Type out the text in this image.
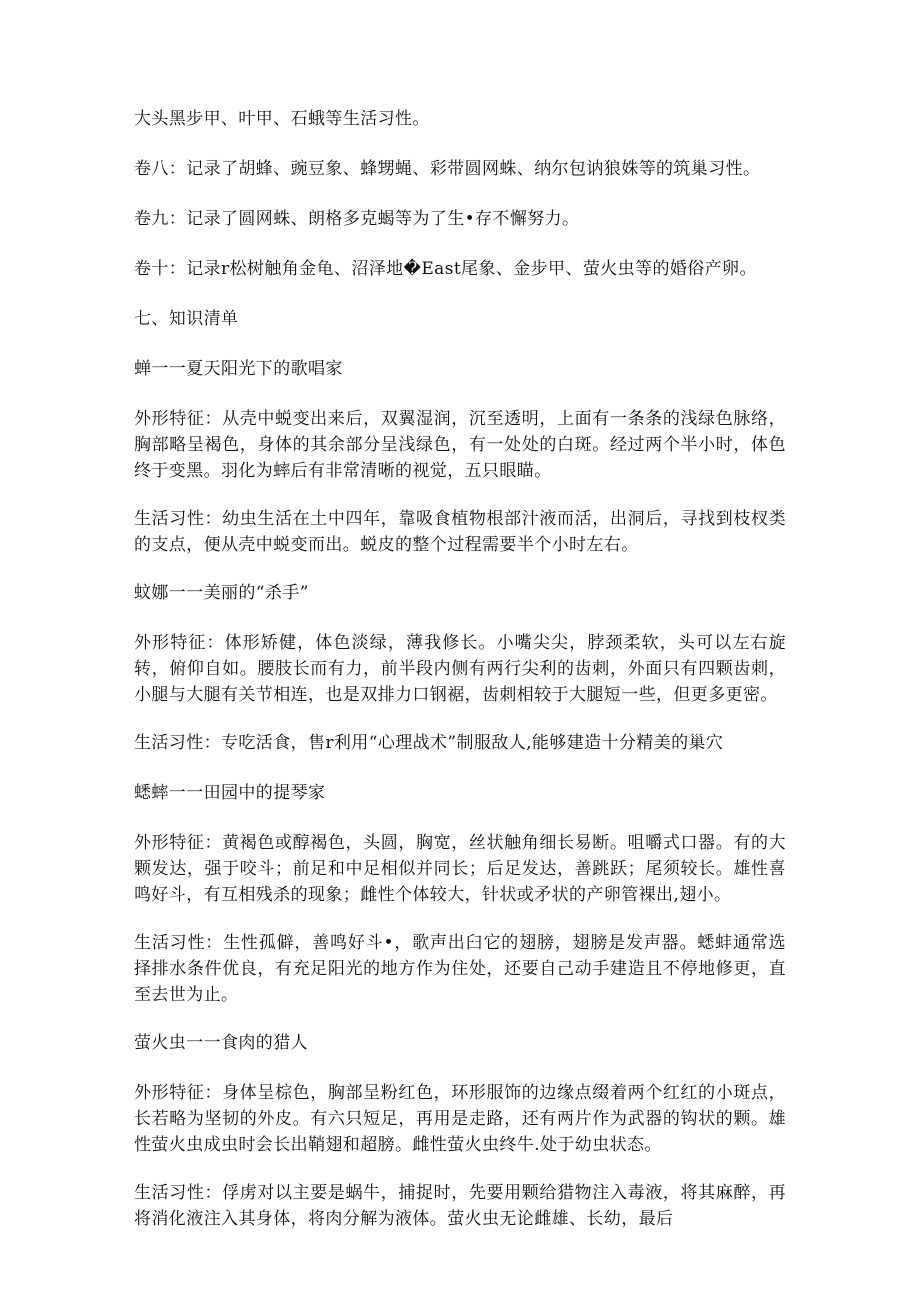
大头黑步甲、叶甲、石蛾等生活习性。

卷八：记录了胡蜂、豌豆象、蜂甥蝇、彩带圆网蛛、纳尔包讷狼姝等的筑巢习性。

卷九：记录了圆网蛛、朗格多克蝎等为了生•存不懈努力。

卷十：记录r松树触角金龟、沼泽地�East尾象、金步甲、萤火虫等的婚俗产卵。

七、知识清单

蝉一一夏天阳光下的歌唱家

外形特征：从壳中蜕变出来后，双翼湿润，沉至透明，上面有一条条的浅绿色脉络，胸部略呈褐色，身体的其余部分呈浅绿色，有一处处的白斑。经过两个半小时，体色终于变黑。羽化为蟀后有非常清晰的视觉，五只眼瞄。

生活习性：幼虫生活在土中四年，靠吸食植物根部汁液而活，出洞后，寻找到枝杈类的支点，便从壳中蜕变而出。蜕皮的整个过程需要半个小时左右。

蚊娜一一美丽的“杀手”

外形特征：体形矫健，体色淡绿，薄我修长。小嘴尖尖，脖颈柔软，头可以左右旋转，俯仰自如。腰肢长而有力，前半段内侧有两行尖利的齿刺，外面只有四颗齿刺，小腿与大腿有关节相连，也是双排力口钢裾，齿刺相较于大腿短一些，但更多更密。

生活习性：专吃活食，售r利用“心理战术”制服敌人,能够建造十分精美的巢穴

蟋蟀一一田园中的提琴家

外形特征：黄褐色或醇褐色，头圆，胸宽，丝状触角细长易断。咀嚼式口器。有的大颗发达，强于咬斗；前足和中足相似并同长；后足发达，善跳跃；尾须较长。雄性喜鸣好斗，有互相残杀的现象；雌性个体较大，针状或矛状的产卵管裸出,翅小。

生活习性：生性孤僻，善鸣好斗•，歌声出臼它的翅膀，翅膀是发声器。蟋蚌通常选择排水条件优良，有充足阳光的地方作为住处，还要自己动手建造且不停地修更，直至去世为止。

萤火虫一一食肉的猎人

外形特征：身体呈棕色，胸部呈粉红色，环形服饰的边缘点缀着两个红红的小斑点，长若略为坚韧的外皮。有六只短足，再用是走路，还有两片作为武器的钩状的颗。雄性萤火虫成虫时会长出鞘翅和超膀。雌性萤火虫终牛.处于幼虫状态。

生活习性：俘虏对以主要是蜗牛，捕捉时，先要用颗给猎物注入毒液，将其麻醉，再将消化液注入其身体，将肉分解为液体。萤火虫无论雌雄、长幼，最后
